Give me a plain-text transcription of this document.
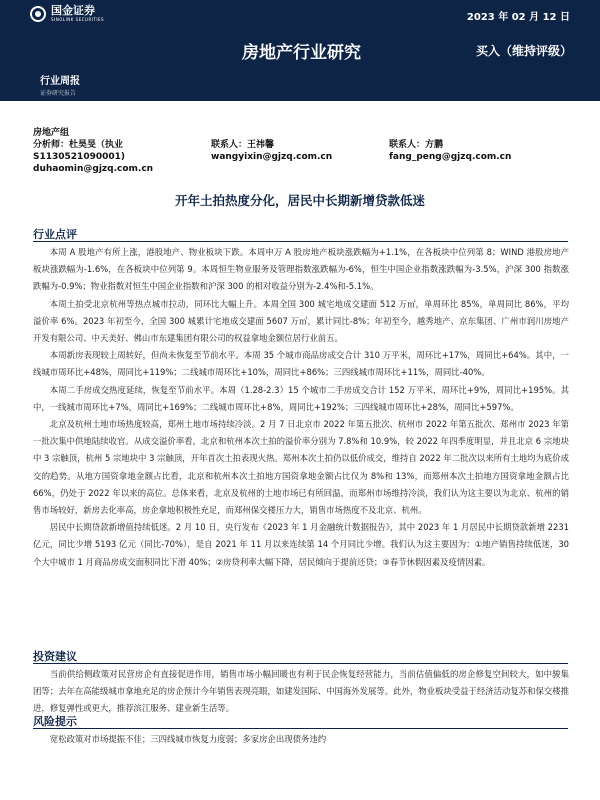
国金证券
SINOLINK SECURITIES	2023 年 02 月 12 日
房地产行业研究	买入（维持评级）
行业周报
证券研究报告
房地产组
分析师：杜昊旻（执业
S1130521090001)
duhaomin@gjzq.com.cn
联系人：王祎馨
wangyixin@gjzq.com.cn
联系人：方鹏
fang_peng@gjzq.com.cn
开年土拍热度分化，居民中长期新增贷款低迷
行业点评

本周 A 股地产有所上涨，港股地产、物业板块下跌。本周申万 A 股房地产板块涨跌幅为+1.1%，在各板块中位列第 8；WIND 港股房地产板块涨跌幅为-1.6%，在各板块中位列第 9。本周恒生物业服务及管理指数涨跌幅为-6%，恒生中国企业指数涨跌幅为-3.5%，沪深 300 指数涨跌幅为-0.9%；物业指数对恒生中国企业指数和沪深 300 的相对收益分别为-2.4%和-5.1%。

本周土拍受北京杭州等热点城市拉动，同环比大幅上升。本周全国 300 城宅地成交建面 512 万㎡，单周环比 85%，单周同比 86%，平均溢价率 6%。2023 年初至今，全国 300 城累计宅地成交建面 5607 万㎡，累计同比-8%；年初至今，越秀地产、京东集团、广州市润川房地产开发有限公司、中天美好、佛山市东建集团有限公司的权益拿地金额位居行业前五。

本周新房表现较上周转好，但尚未恢复至节前水平。本周 35 个城市商品房成交合计 310 万平米，周环比+17%，周同比+64%。其中，一线城市周环比+48%，周同比+119%；二线城市周环比+10%，周同比+86%；三四线城市周环比+11%，周同比-40%。

本周二手房成交热度延续，恢复至节前水平。本周（1.28-2.3）15 个城市二手房成交合计 152 万平米，周环比+9%，周同比+195%。其中，一线城市周环比+7%，周同比+169%；二线城市周环比+8%，周同比+192%；三四线城市周环比+28%，周同比+597%。

北京及杭州土地市场热度较高，郑州土地市场持续冷淡。2 月 7 日北京市 2022 年第五批次、杭州市 2022 年第五批次、郑州市 2023 年第一批次集中供地陆续收官。从成交溢价率看，北京和杭州本次土拍的溢价率分别为 7.8%和 10.9%，较 2022 年四季度明显，并且北京 6 宗地块中 3 宗触顶，杭州 5 宗地块中 3 宗触顶，开年首次土拍表现火热。郑州本次土拍仍以低价成交，维持自 2022 年二批次以来所有土地均为底价成交的趋势。从地方国资拿地金额占比看，北京和杭州本次土拍地方国资拿地金额占比仅为 8%和 13%，而郑州本次土拍地方国资拿地金额占比 66%，仍处于 2022 年以来的高位。总体来看，北京及杭州的土地市场已有所回温，而郑州市场维持冷淡，我们认为这主要以为北京、杭州的销售市场较好，新房去化率高，房企拿地积极性充足，而郑州保交楼压力大，销售市场热度不及北京、杭州。

居民中长期贷款新增值持续低迷。2 月 10 日，央行发布《2023 年 1 月金融统计数据报告》，其中 2023 年 1 月居民中长期贷款新增 2231 亿元，同比少增 5193 亿元（同比-70%），是自 2021 年 11 月以来连续第 14 个月同比少增。我们认为这主要因为：①地产销售持续低迷，30 个大中城市 1 月商品房成交面积同比下滑 40%；②房贷利率大幅下降，居民倾向于提前还贷；③春节休假因素及疫情因素。

投资建议

当前供给侧政策对民营房企有直接促进作用，销售市场小幅回暖也有利于民企恢复经营能力，当前估值偏低的房企修复空间较大，如中骏集团等；去年在高能级城市拿地充足的房企预计今年销售表现亮眼，如建发国际、中国海外发展等。此外，物业板块受益于经济活动复苏和保交楼推进，修复弹性或更大，推荐滨江服务、建业新生活等。

风险提示

宽松政策对市场提振不佳；三四线城市恢复力度弱；多家房企出现债务违约
